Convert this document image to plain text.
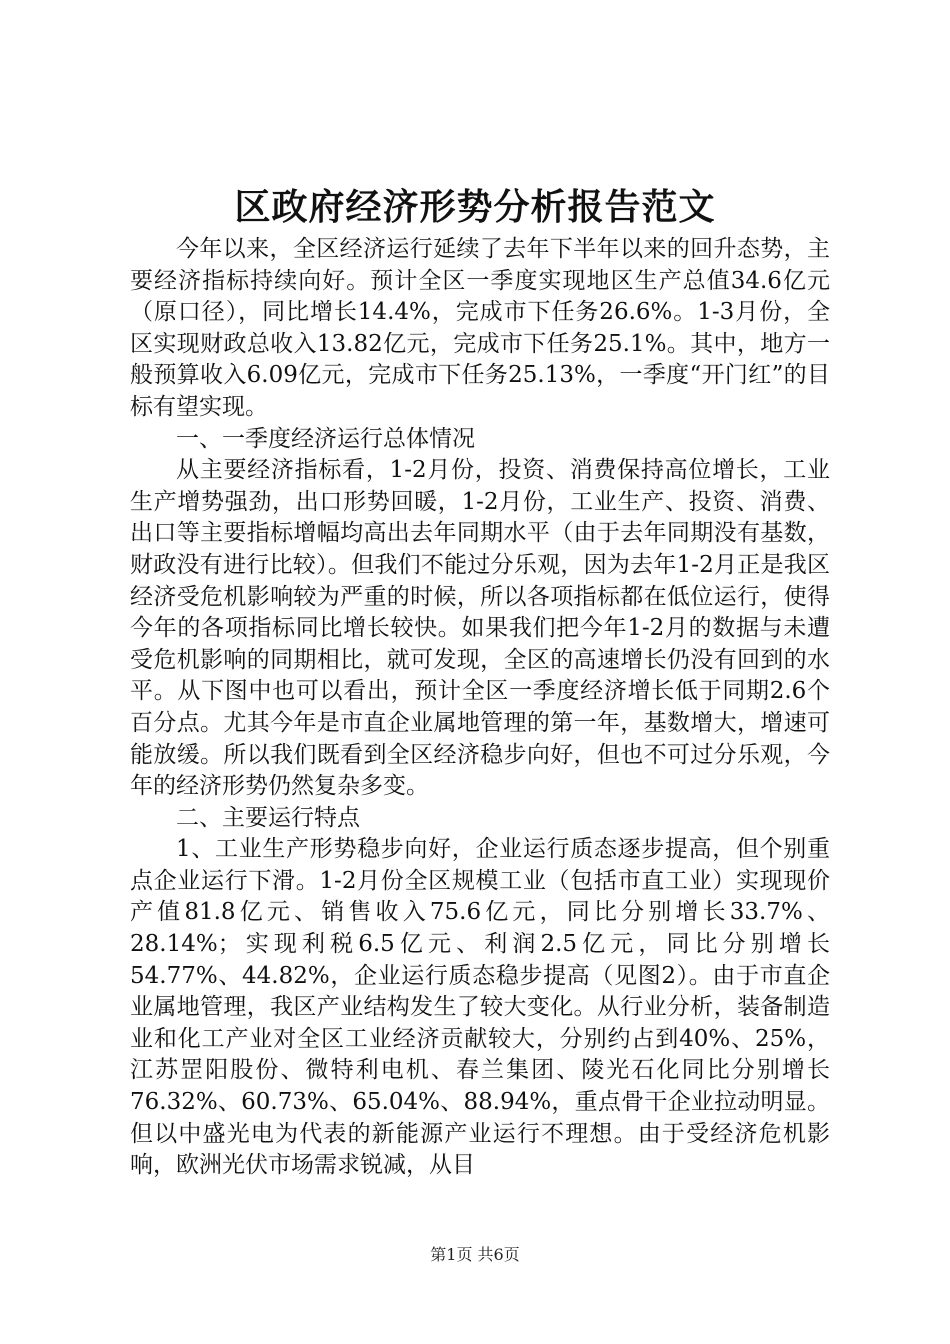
区政府经济形势分析报告范文

今年以来，全区经济运行延续了去年下半年以来的回升态势，主要经济指标持续向好。预计全区一季度实现地区生产总值34.6亿元（原口径），同比增长14.4%，完成市下任务26.6%。1-3月份，全区实现财政总收入13.82亿元，完成市下任务25.1%。其中，地方一般预算收入6.09亿元，完成市下任务25.13%，一季度“开门红”的目标有望实现。

一、一季度经济运行总体情况

从主要经济指标看，1-2月份，投资、消费保持高位增长，工业生产增势强劲，出口形势回暖，1-2月份，工业生产、投资、消费、出口等主要指标增幅均高出去年同期水平（由于去年同期没有基数，财政没有进行比较）。但我们不能过分乐观，因为去年1-2月正是我区经济受危机影响较为严重的时候，所以各项指标都在低位运行，使得今年的各项指标同比增长较快。如果我们把今年1-2月的数据与未遭受危机影响的同期相比，就可发现，全区的高速增长仍没有回到的水平。从下图中也可以看出，预计全区一季度经济增长低于同期2.6个百分点。尤其今年是市直企业属地管理的第一年，基数增大，增速可能放缓。所以我们既看到全区经济稳步向好，但也不可过分乐观，今年的经济形势仍然复杂多变。

二、主要运行特点

1、工业生产形势稳步向好，企业运行质态逐步提高，但个别重点企业运行下滑。1-2月份全区规模工业（包括市直工业）实现现价产值81.8亿元、销售收入75.6亿元，同比分别增长33.7%、28.14%；实现利税6.5亿元、利润2.5亿元，同比分别增长54.77%、44.82%，企业运行质态稳步提高（见图2）。由于市直企业属地管理，我区产业结构发生了较大变化。从行业分析，装备制造业和化工产业对全区工业经济贡献较大，分别约占到40%、25%，江苏罡阳股份、微特利电机、春兰集团、陵光石化同比分别增长76.32%、60.73%、65.04%、88.94%，重点骨干企业拉动明显。但以中盛光电为代表的新能源产业运行不理想。由于受经济危机影响，欧洲光伏市场需求锐减，从目

第1页 共6页
